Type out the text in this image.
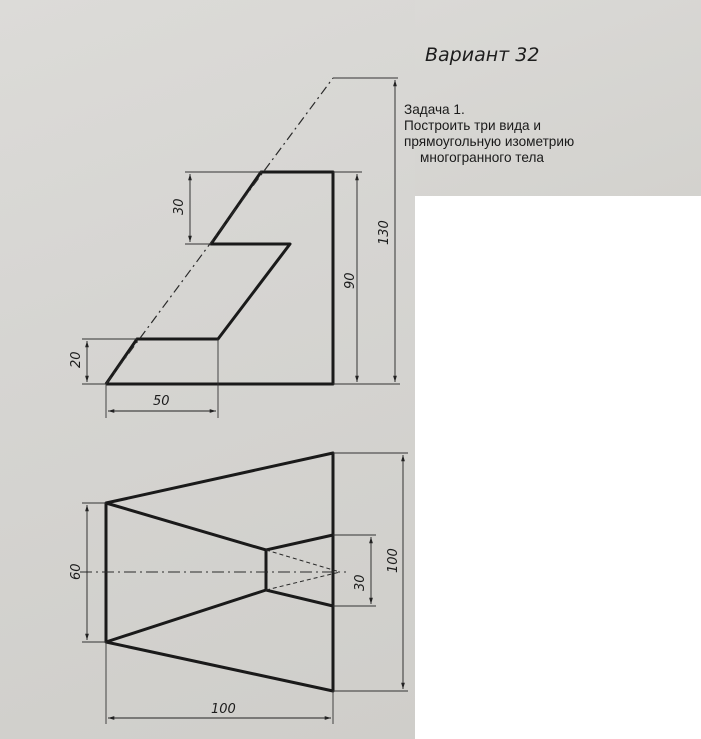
Вариант 32
Задача 1.
Построить три вида и
прямоугольную изометрию
многогранного тела
30
90
130
20
50
60
30
100
100
